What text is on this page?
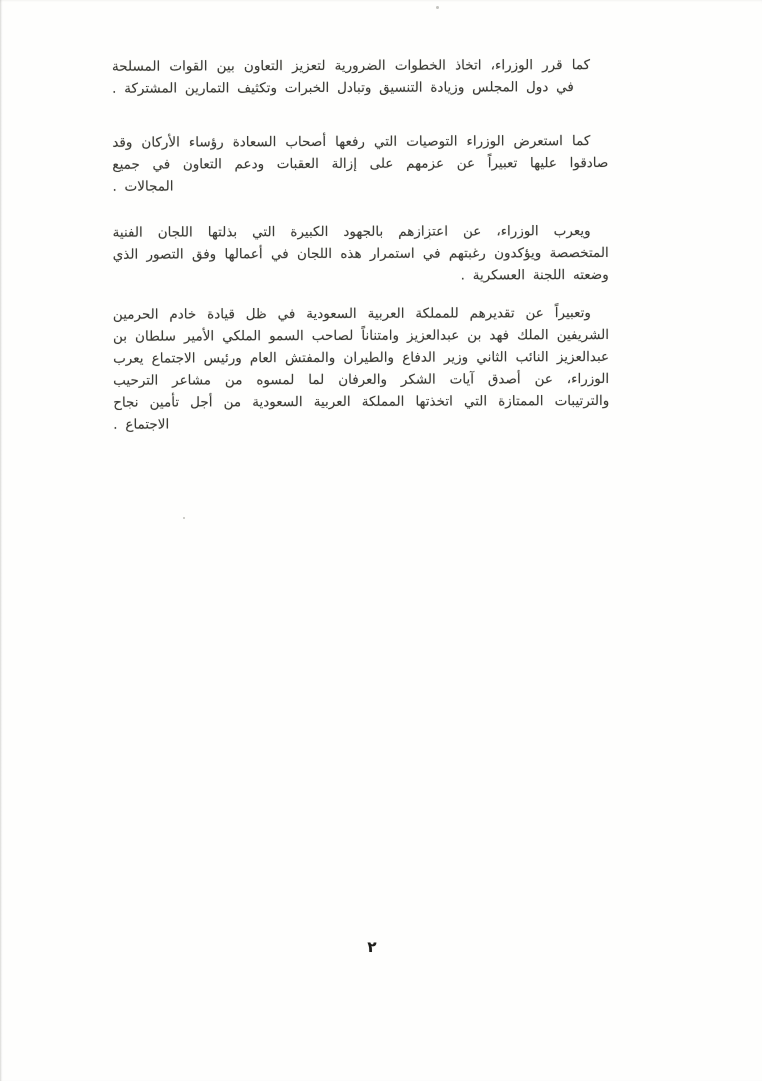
كما قرر الوزراء، اتخاذ الخطوات الضرورية لتعزيز التعاون بين القوات المسلحة في دول المجلس وزيادة التنسيق وتبادل الخبرات وتكثيف التمارين المشتركة .

كما استعرض الوزراء التوصيات التي رفعها أصحاب السعادة رؤساء الأركان وقد صادقوا عليها تعبيراً عن عزمهم على إزالة العقبات ودعم التعاون في جميع المجالات .

ويعرب الوزراء، عن اعتزازهم بالجهود الكبيرة التي بذلتها اللجان الفنية المتخصصة ويؤكدون رغبتهم في استمرار هذه اللجان في أعمالها وفق التصور الذي وضعته اللجنة العسكرية .

وتعبيراً عن تقديرهم للمملكة العربية السعودية في ظل قيادة خادم الحرمين الشريفين الملك فهد بن عبدالعزيز وامتناناً لصاحب السمو الملكي الأمير سلطان بن عبدالعزيز النائب الثاني وزير الدفاع والطيران والمفتش العام ورئيس الاجتماع يعرب الوزراء، عن أصدق آيات الشكر والعرفان لما لمسوه من مشاعر الترحيب والترتيبات الممتازة التي اتخذتها المملكة العربية السعودية من أجل تأمين نجاح الاجتماع .

٢
